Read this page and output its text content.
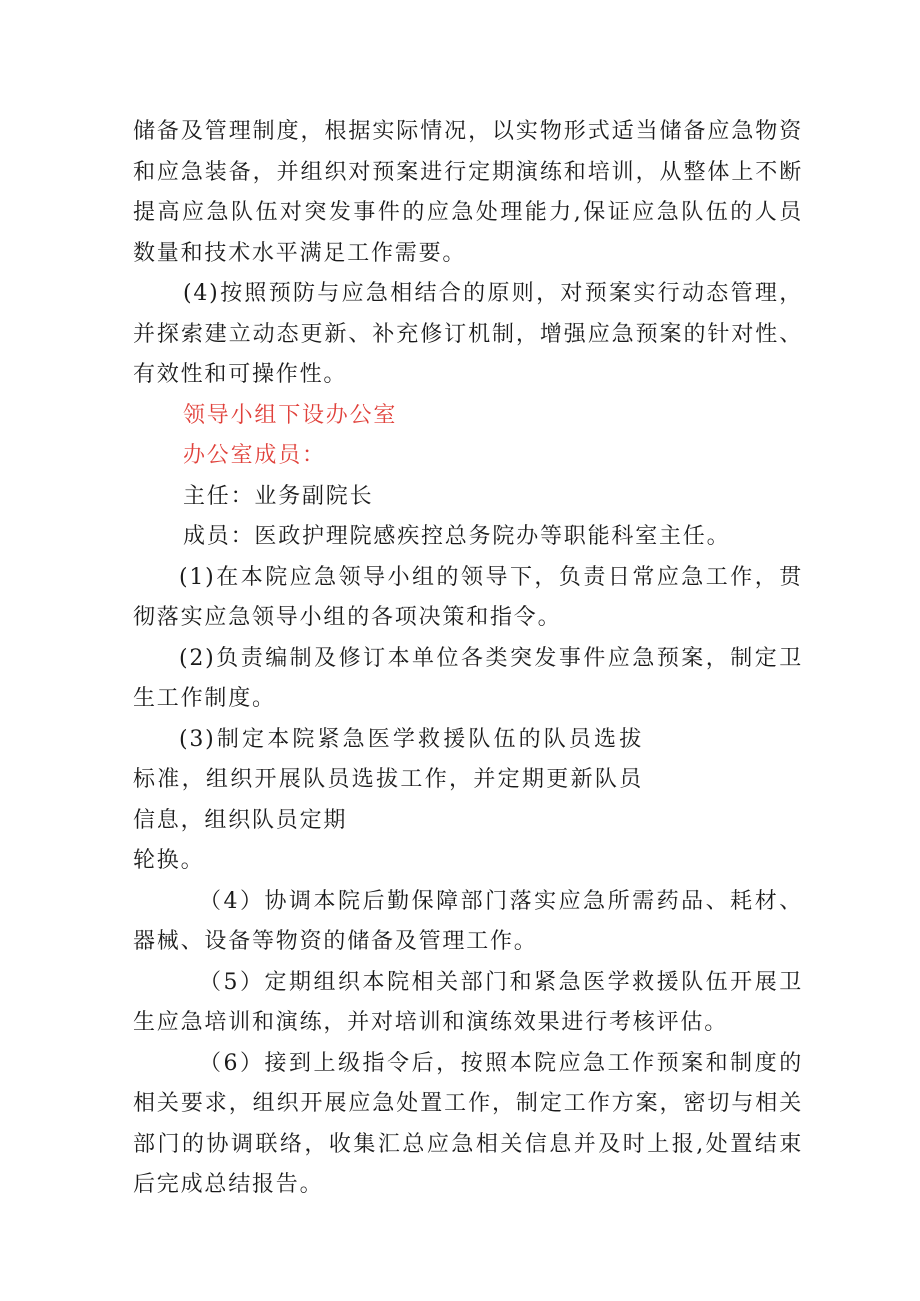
储备及管理制度，根据实际情况，以实物形式适当储备应急物资和应急装备，并组织对预案进行定期演练和培训，从整体上不断提高应急队伍对突发事件的应急处理能力,保证应急队伍的人员数量和技术水平满足工作需要。

(4)按照预防与应急相结合的原则，对预案实行动态管理，并探索建立动态更新、补充修订机制，增强应急预案的针对性、有效性和可操作性。

领导小组下设办公室

办公室成员：

主任：业务副院长

成员：医政护理院感疾控总务院办等职能科室主任。

(1)在本院应急领导小组的领导下，负责日常应急工作，贯彻落实应急领导小组的各项决策和指令。

(2)负责编制及修订本单位各类突发事件应急预案，制定卫生工作制度。

(3)制定本院紧急医学救援队伍的队员选拔标准，组织开展队员选拔工作，并定期更新队员信息，组织队员定期

轮换。

（4）协调本院后勤保障部门落实应急所需药品、耗材、器械、设备等物资的储备及管理工作。

（5）定期组织本院相关部门和紧急医学救援队伍开展卫生应急培训和演练，并对培训和演练效果进行考核评估。

（6）接到上级指令后，按照本院应急工作预案和制度的相关要求，组织开展应急处置工作，制定工作方案，密切与相关部门的协调联络，收集汇总应急相关信息并及时上报,处置结束后完成总结报告。
